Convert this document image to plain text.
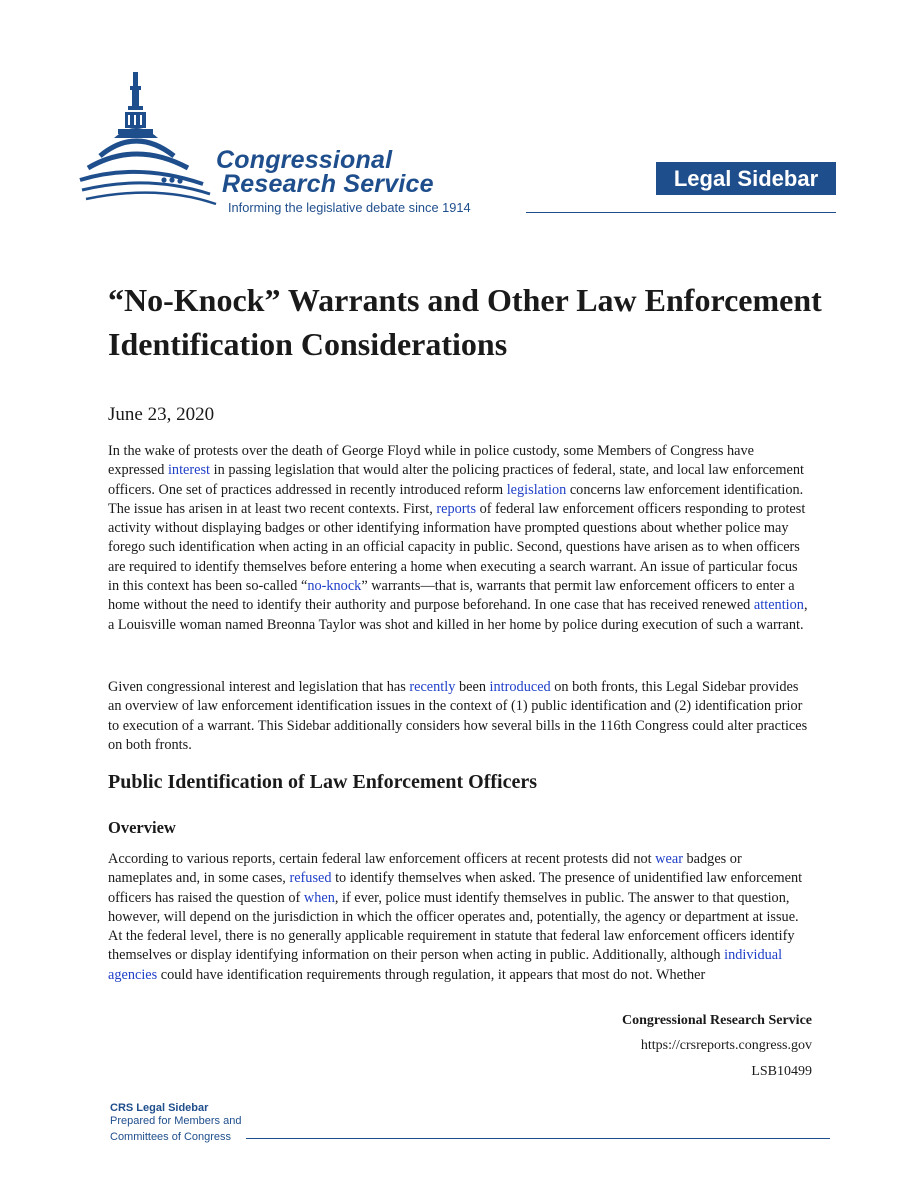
Congressional
Research Service
Informing the legislative debate since 1914
Legal Sidebar
“No-Knock” Warrants and Other Law Enforcement Identification Considerations
June 23, 2020

In the wake of protests over the death of George Floyd while in police custody, some Members of Congress have expressed interest in passing legislation that would alter the policing practices of federal, state, and local law enforcement officers. One set of practices addressed in recently introduced reform legislation concerns law enforcement identification. The issue has arisen in at least two recent contexts. First, reports of federal law enforcement officers responding to protest activity without displaying badges or other identifying information have prompted questions about whether police may forego such identification when acting in an official capacity in public. Second, questions have arisen as to when officers are required to identify themselves before entering a home when executing a search warrant. An issue of particular focus in this context has been so-called “no-knock” warrants—that is, warrants that permit law enforcement officers to enter a home without the need to identify their authority and purpose beforehand. In one case that has received renewed attention, a Louisville woman named Breonna Taylor was shot and killed in her home by police during execution of such a warrant.

Given congressional interest and legislation that has recently been introduced on both fronts, this Legal Sidebar provides an overview of law enforcement identification issues in the context of (1) public identification and (2) identification prior to execution of a warrant. This Sidebar additionally considers how several bills in the 116th Congress could alter practices on both fronts.

Public Identification of Law Enforcement Officers
Overview

According to various reports, certain federal law enforcement officers at recent protests did not wear badges or nameplates and, in some cases, refused to identify themselves when asked. The presence of unidentified law enforcement officers has raised the question of when, if ever, police must identify themselves in public. The answer to that question, however, will depend on the jurisdiction in which the officer operates and, potentially, the agency or department at issue. At the federal level, there is no generally applicable requirement in statute that federal law enforcement officers identify themselves or display identifying information on their person when acting in public. Additionally, although individual agencies could have identification requirements through regulation, it appears that most do not. Whether

Congressional Research Service
https://crsreports.congress.gov
LSB10499
CRS Legal Sidebar
Prepared for Members and
Committees of Congress
